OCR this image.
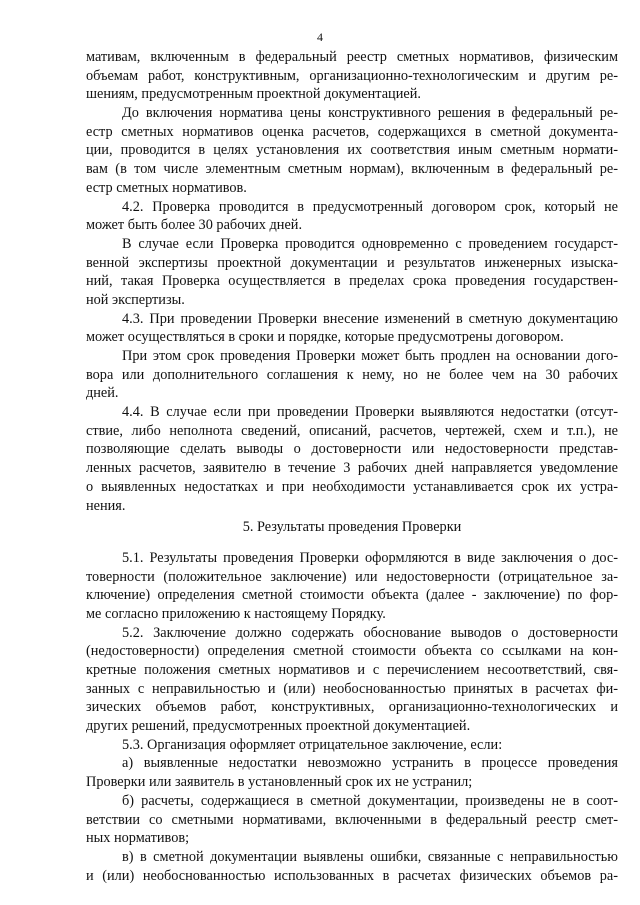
4
мативам, включенным в федеральный реестр сметных нормативов, физическим
объемам работ, конструктивным, организационно-технологическим и другим ре-
шениям, предусмотренным проектной документацией.
До включения норматива цены конструктивного решения в федеральный ре-
естр сметных нормативов оценка расчетов, содержащихся в сметной документа-
ции, проводится в целях установления их соответствия иным сметным нормати-
вам (в том числе элементным сметным нормам), включенным в федеральный ре-
естр сметных нормативов.
4.2. Проверка проводится в предусмотренный договором срок, который не
может быть более 30 рабочих дней.
В случае если Проверка проводится одновременно с проведением государст-
венной экспертизы проектной документации и результатов инженерных изыска-
ний, такая Проверка осуществляется в пределах срока проведения государствен-
ной экспертизы.
4.3. При проведении Проверки внесение изменений в сметную документацию
может осуществляться в сроки и порядке, которые предусмотрены договором.
При этом срок проведения Проверки может быть продлен на основании дого-
вора или дополнительного соглашения к нему, но не более чем на 30 рабочих
дней.
4.4. В случае если при проведении Проверки выявляются недостатки (отсут-
ствие, либо неполнота сведений, описаний, расчетов, чертежей, схем и т.п.), не
позволяющие сделать выводы о достоверности или недостоверности представ-
ленных расчетов, заявителю в течение 3 рабочих дней направляется уведомление
о выявленных недостатках и при необходимости устанавливается срок их устра-
нения.
5. Результаты проведения Проверки
5.1. Результаты проведения Проверки оформляются в виде заключения о дос-
товерности (положительное заключение) или недостоверности (отрицательное за-
ключение) определения сметной стоимости объекта (далее - заключение) по фор-
ме согласно приложению к настоящему Порядку.
5.2. Заключение должно содержать обоснование выводов о достоверности
(недостоверности) определения сметной стоимости объекта со ссылками на кон-
кретные положения сметных нормативов и с перечислением несоответствий, свя-
занных с неправильностью и (или) необоснованностью принятых в расчетах фи-
зических объемов работ, конструктивных, организационно-технологических и
других решений, предусмотренных проектной документацией.
5.3. Организация оформляет отрицательное заключение, если:
а) выявленные недостатки невозможно устранить в процессе проведения
Проверки или заявитель в установленный срок их не устранил;
б) расчеты, содержащиеся в сметной документации, произведены не в соот-
ветствии со сметными нормативами, включенными в федеральный реестр смет-
ных нормативов;
в) в сметной документации выявлены ошибки, связанные с неправильностью
и (или) необоснованностью использованных в расчетах физических объемов ра-
